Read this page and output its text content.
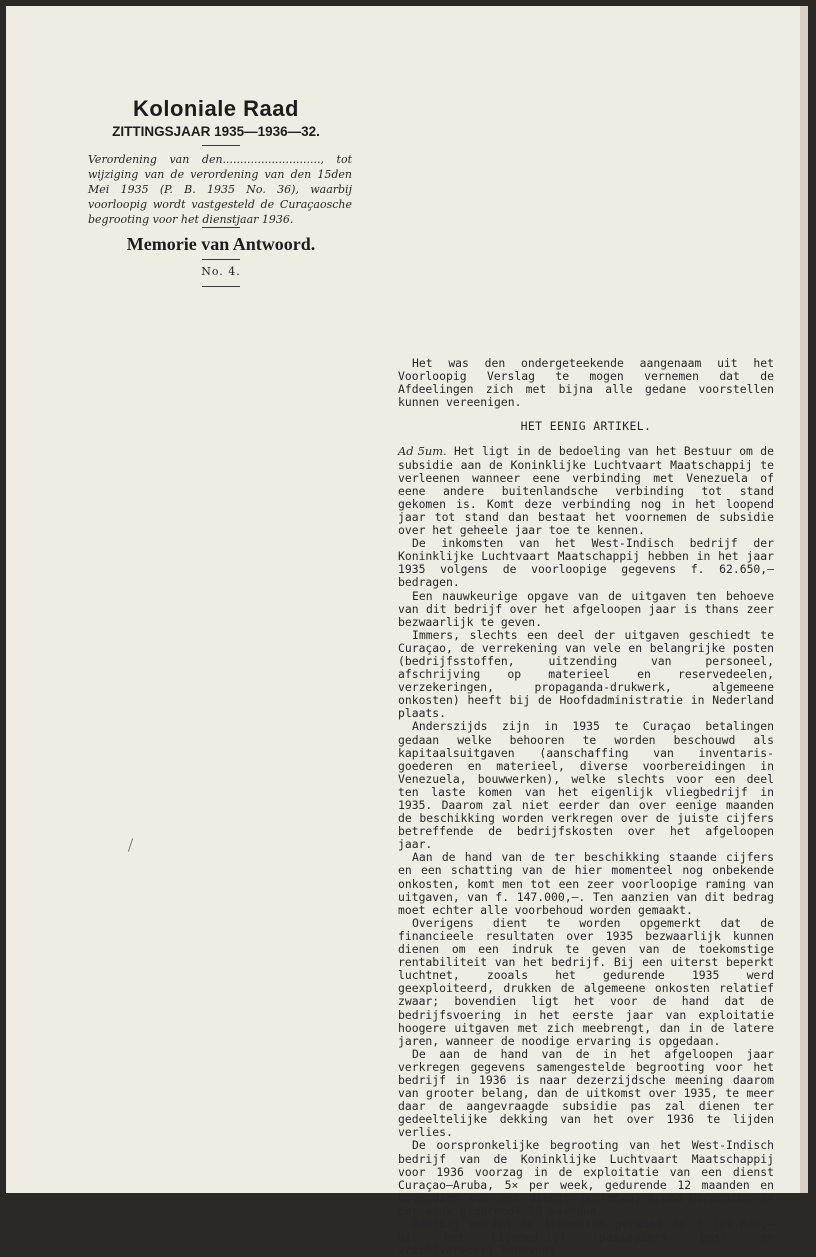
Koloniale Raad
ZITTINGSJAAR 1935—1936—32.

Verordening van den............................, tot wijziging van de verordening van den 15den Mei 1935 (P. B. 1935 No. 36), waarbij voorloopig wordt vastgesteld de Curaçaosche begrooting voor het dienstjaar 1936.

Memorie van Antwoord.
No. 4.

Het was den ondergeteekende aangenaam uit het Voorloopig Verslag te mogen vernemen dat de Afdeelingen zich met bijna alle gedane voorstellen kunnen vereenigen.

HET EENIG ARTIKEL.

Ad 5um. Het ligt in de bedoeling van het Bestuur om de subsidie aan de Koninklijke Luchtvaart Maatschappij te verleenen wanneer eene verbinding met Venezuela of eene andere buitenlandsche verbinding tot stand gekomen is. Komt deze verbinding nog in het loopend jaar tot stand dan bestaat het voornemen de subsidie over het geheele jaar toe te kennen.

De inkomsten van het West-Indisch bedrijf der Koninklijke Luchtvaart Maatschappij hebben in het jaar 1935 volgens de voorloopige gegevens f. 62.650,— bedragen.

Een nauwkeurige opgave van de uitgaven ten behoeve van dit bedrijf over het afgeloopen jaar is thans zeer bezwaarlijk te geven.

Immers, slechts een deel der uitgaven geschiedt te Curaçao, de verrekening van vele en belangrijke posten (bedrijfsstoffen, uitzending van personeel, afschrijving op materieel en reservedeelen, verzekeringen, propaganda-drukwerk, algemeene onkosten) heeft bij de Hoofdadministratie in Nederland plaats.

Anderszijds zijn in 1935 te Curaçao betalingen gedaan welke behooren te worden beschouwd als kapitaalsuitgaven (aanschaffing van inventaris-goederen en materieel, diverse voorbereidingen in Venezuela, bouwwerken), welke slechts voor een deel ten laste komen van het eigenlijk vliegbedrijf in 1935. Daarom zal niet eerder dan over eenige maanden de beschikking worden verkregen over de juiste cijfers betreffende de bedrijfskosten over het afgeloopen jaar.

Aan de hand van de ter beschikking staande cijfers en een schatting van de hier momenteel nog onbekende onkosten, komt men tot een zeer voorloopige raming van uitgaven, van f. 147.000,—. Ten aanzien van dit bedrag moet echter alle voorbehoud worden gemaakt.

Overigens dient te worden opgemerkt dat de financieele resultaten over 1935 bezwaarlijk kunnen dienen om een indruk te geven van de toekomstige rentabiliteit van het bedrijf. Bij een uiterst beperkt luchtnet, zooals het gedurende 1935 werd geexploiteerd, drukken de algemeene onkosten relatief zwaar; bovendien ligt het voor de hand dat de bedrijfsvoering in het eerste jaar van exploitatie hoogere uitgaven met zich meebrengt, dan in de latere jaren, wanneer de noodige ervaring is opgedaan.

De aan de hand van de in het afgeloopen jaar verkregen gegevens samengestelde begrooting voor het bedrijf in 1936 is naar dezerzijdsche meening daarom van grooter belang, dan de uitkomst over 1935, te meer daar de aangevraagde subsidie pas zal dienen ter gedeeltelijke dekking van het over 1936 te lijden verlies.

De oorspronkelijke begrooting van het West-Indisch bedrijf van de Koninklijke Luchtvaart Maatschappij voor 1936 voorzag in de exploitatie van een dienst Curaçao—Aruba, 5× per week, gedurende 12 maanden en bovendien van een dienst (Curaçao)—Aruba—Maracaibo 2× per week gedurende 10 maanden.

Daarbij werden de inkomsten geraamd op f 109.800,— uit het lijnbedrijf (passagiers- post- en vrachtvervoer) benevens
